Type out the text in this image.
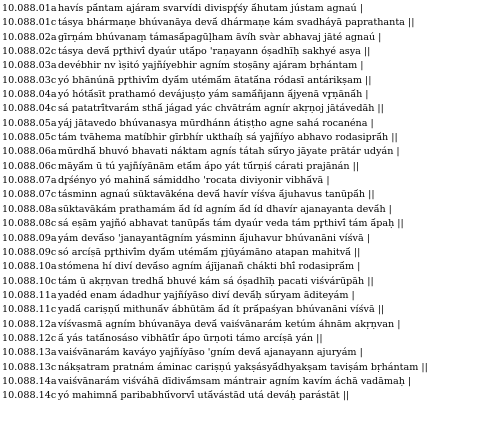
10.088.01ahavís pā́ntam ajáram svarvídi divispŕ̥śy ā́hutam jústam agnaú |
10.088.01c tásya bhármaṇe bhúvanāya devā́ dhármaṇe kám svadháyā paprathanta ||
10.088.02agīrṇám bhúvanaṃ támasā́pagūḷham āvíh svàr abhavaj jāté agnaú |
10.088.02c tásya devā́ pr̥thivī́ dyaúr utā́po 'raṇayann óṣadhīḥ sakhyé asya ||
10.088.03adevébhir nv ìṣitó yajñíyebhir agním stoṣāny ajáram bṛhántam |
10.088.03c yó bhānúnā pr̥thivī́m dyā́m utémā́m ātatā́na ródasī antárikṣam ||
10.088.04ayó hótā́sīt prathamó devájuṣṭo yám samā́ñjann ā́jyenā vr̥ṇānā́h |
10.088.04c sá patatrī́tvarám sthā́ jágad yác chvātrám agnír akṛṇoj jātávedāh ||
10.088.05ayáj jātavedo bhúvanasya mūrdhánn átiṣṭho agne sahá rocanéna |
10.088.05c tám tvāhema matíbhir gīrbhír ukthaíḥ sá yajñíyo abhavo rodasiprā́h ||
10.088.06amūrdhā́ bhuvó bhavati náktam agnís tátah sū́ryo jāyate prātár udyán |
10.088.06c māyā́m ū tú yajñíyānām etā́m ápo yát tū́rṇiś cárati prajānán ||
10.088.07adr̥śényo yó mahinā́ sámiddho 'rocata diviyonir vibhā́vā |
10.088.07c tásminn agnaú sūktavākéna devā́ havír víśva ā́juhavus tanūpā́h ||
10.088.08asūktavākám prathamám ā́d íd agním ā́d íd dhavír ajanayanta devā́h |
10.088.08c sá eṣām yajñó abhavat tanūpā́s tám dyaúr veda tám pr̥thivī́ tám ā́paḥ ||
10.088.09ayám devā́so 'janayantāgním yásminn ā́juhavur bhúvanāni víśvā |
10.088.09c só arcíṣā pr̥thivī́m dyā́m utémā́m r̥jūyámāno atapan mahitvā́ ||
10.088.10astómena hí diví devā́so agním ájījanañ chákti bhī́ rodasiprā́m |
10.088.10c tám ū akṛṇvan tredhā́ bhuvé kám sá óṣadhīḥ pacati viśvárūpāh ||
10.088.11ayadéd enam ádadhur yajñíyāso diví devā́ḥ sū́ryam āditeyám |
10.088.11c yadā́ cariṣṇū́ mithunā́v ábhūtām ā́d ít prā́paśyan bhúvanāni víśvā ||
10.088.12avíśvasmā agním bhúvanāya devā́ vaiśvānarám ketúm áhnām akṛṇvan |
10.088.12c ā́ yás tatā́nosáso vibhātī́r ápo ūrṇoti támo arcíṣā yán ||
10.088.13avaiśvānarám kaváyo yajñíyāso 'gním devā́ ajanayann ajuryám |
10.088.13c nákṣatram pratnám áminac cariṣṇú yakṣásyā́dhyakṣam taviṣám bṛhántam ||
10.088.14avaiśvānarám viśváhā dīdivā́msam mántrair agním kavím áchā vadāmaḥ |
10.088.14c yó mahimnā́ paribabhū́vorvī́ utā́vástād utá deváḥ parástāt ||
